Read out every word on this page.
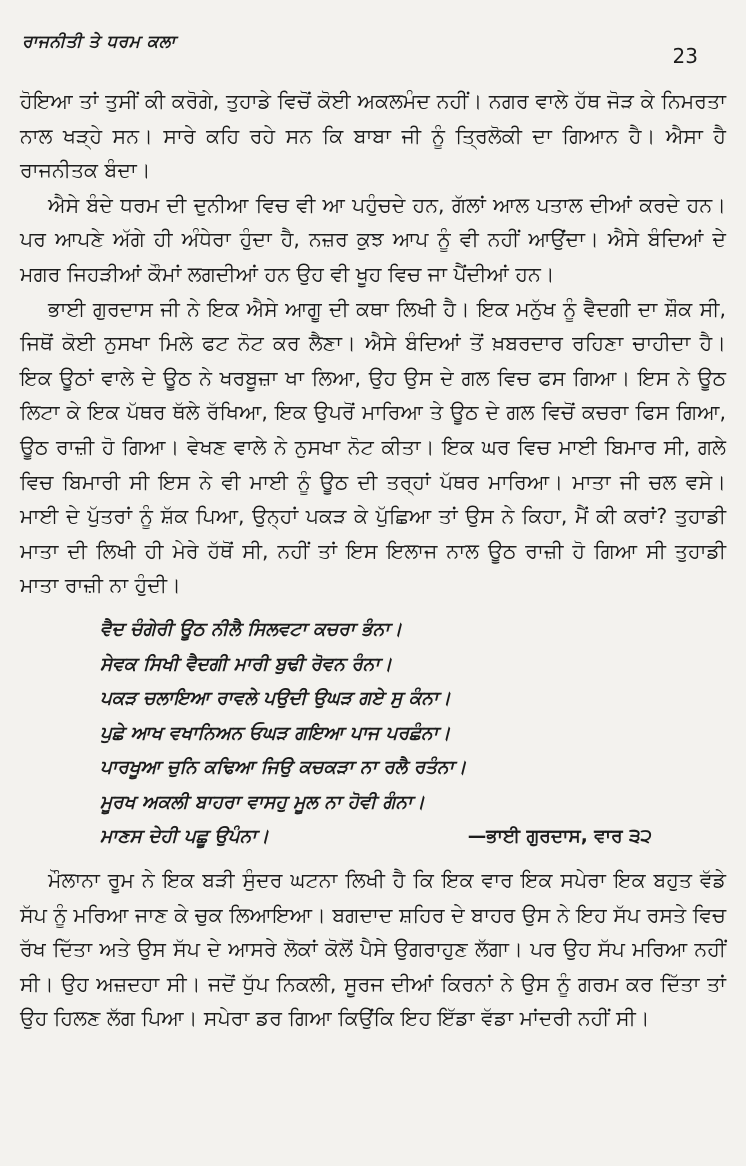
ਰਾਜਨੀਤੀ ਤੇ ਧਰਮ ਕਲਾ
23

ਹੋਇਆ ਤਾਂ ਤੁਸੀਂ ਕੀ ਕਰੋਗੇ, ਤੁਹਾਡੇ ਵਿਚੋਂ ਕੋਈ ਅਕਲਮੰਦ ਨਹੀਂ। ਨਗਰ ਵਾਲੇ ਹੱਥ ਜੋੜ ਕੇ ਨਿਮਰਤਾ ਨਾਲ ਖੜ੍ਹੇ ਸਨ। ਸਾਰੇ ਕਹਿ ਰਹੇ ਸਨ ਕਿ ਬਾਬਾ ਜੀ ਨੂੰ ਤ੍ਰਿਲੋਕੀ ਦਾ ਗਿਆਨ ਹੈ। ਐਸਾ ਹੈ ਰਾਜਨੀਤਕ ਬੰਦਾ।

ਐਸੇ ਬੰਦੇ ਧਰਮ ਦੀ ਦੁਨੀਆ ਵਿਚ ਵੀ ਆ ਪਹੁੰਚਦੇ ਹਨ, ਗੱਲਾਂ ਆਲ ਪਤਾਲ ਦੀਆਂ ਕਰਦੇ ਹਨ। ਪਰ ਆਪਣੇ ਅੱਗੇ ਹੀ ਅੰਧੇਰਾ ਹੁੰਦਾ ਹੈ, ਨਜ਼ਰ ਕੁਝ ਆਪ ਨੂੰ ਵੀ ਨਹੀਂ ਆਉਂਦਾ। ਐਸੇ ਬੰਦਿਆਂ ਦੇ ਮਗਰ ਜਿਹੜੀਆਂ ਕੌਮਾਂ ਲਗਦੀਆਂ ਹਨ ਉਹ ਵੀ ਖੂਹ ਵਿਚ ਜਾ ਪੈਂਦੀਆਂ ਹਨ।

ਭਾਈ ਗੁਰਦਾਸ ਜੀ ਨੇ ਇਕ ਐਸੇ ਆਗੂ ਦੀ ਕਥਾ ਲਿਖੀ ਹੈ। ਇਕ ਮਨੁੱਖ ਨੂੰ ਵੈਦਗੀ ਦਾ ਸ਼ੌਕ ਸੀ, ਜਿਥੋਂ ਕੋਈ ਨੁਸਖਾ ਮਿਲੇ ਫਟ ਨੋਟ ਕਰ ਲੈਣਾ। ਐਸੇ ਬੰਦਿਆਂ ਤੋਂ ਖ਼ਬਰਦਾਰ ਰਹਿਣਾ ਚਾਹੀਦਾ ਹੈ। ਇਕ ਊਠਾਂ ਵਾਲੇ ਦੇ ਊਠ ਨੇ ਖਰਬੂਜ਼ਾ ਖਾ ਲਿਆ, ਉਹ ਉਸ ਦੇ ਗਲ ਵਿਚ ਫਸ ਗਿਆ। ਇਸ ਨੇ ਊਠ ਲਿਟਾ ਕੇ ਇਕ ਪੱਥਰ ਥੱਲੇ ਰੱਖਿਆ, ਇਕ ਉਪਰੋਂ ਮਾਰਿਆ ਤੇ ਊਠ ਦੇ ਗਲ ਵਿਚੋਂ ਕਚਰਾ ਫਿਸ ਗਿਆ, ਊਠ ਰਾਜ਼ੀ ਹੋ ਗਿਆ। ਵੇਖਣ ਵਾਲੇ ਨੇ ਨੁਸਖਾ ਨੋਟ ਕੀਤਾ। ਇਕ ਘਰ ਵਿਚ ਮਾਈ ਬਿਮਾਰ ਸੀ, ਗਲੇ ਵਿਚ ਬਿਮਾਰੀ ਸੀ ਇਸ ਨੇ ਵੀ ਮਾਈ ਨੂੰ ਊਠ ਦੀ ਤਰ੍ਹਾਂ ਪੱਥਰ ਮਾਰਿਆ। ਮਾਤਾ ਜੀ ਚਲ ਵਸੇ। ਮਾਈ ਦੇ ਪੁੱਤਰਾਂ ਨੂੰ ਸ਼ੱਕ ਪਿਆ, ਉਨ੍ਹਾਂ ਪਕੜ ਕੇ ਪੁੱਛਿਆ ਤਾਂ ਉਸ ਨੇ ਕਿਹਾ, ਮੈਂ ਕੀ ਕਰਾਂ? ਤੁਹਾਡੀ ਮਾਤਾ ਦੀ ਲਿਖੀ ਹੀ ਮੇਰੇ ਹੱਥੋਂ ਸੀ, ਨਹੀਂ ਤਾਂ ਇਸ ਇਲਾਜ ਨਾਲ ਊਠ ਰਾਜ਼ੀ ਹੋ ਗਿਆ ਸੀ ਤੁਹਾਡੀ ਮਾਤਾ ਰਾਜ਼ੀ ਨਾ ਹੁੰਦੀ।

ਵੈਦ ਚੰਗੇਰੀ ਊਠ ਨੀਲੈ ਸਿਲਵਟਾ ਕਚਰਾ ਭੰਨਾ।
ਸੇਵਕ ਸਿਖੀ ਵੈਦਗੀ ਮਾਰੀ ਬੁਢੀ ਰੋਵਨ ਰੰਨਾ।
ਪਕੜ ਚਲਾਇਆ ਰਾਵਲੇ ਪਉਦੀ ਉਘੜ ਗਏ ਸੁ ਕੰਨਾ।
ਪੁਛੇ ਆਖ ਵਖਾਨਿਅਨ ਓਘੜ ਗਇਆ ਪਾਜ ਪਰਛੰਨਾ।
ਪਾਰਖੂਆ ਚੁਨਿ ਕਢਿਆ ਜਿਉ ਕਚਕੜਾ ਨਾ ਰਲੈ ਰਤੰਨਾ।
ਮੂਰਖ ਅਕਲੀ ਬਾਹਰਾ ਵਾਸਹੁ ਮੂਲ ਨਾ ਹੋਵੀ ਗੰਨਾ।
ਮਾਣਸ ਦੇਹੀ ਪਛੂ ਉਪੰਨਾ।	—ਭਾਈ ਗੁਰਦਾਸ, ਵਾਰ ੩੨

ਮੌਲਾਨਾ ਰੂਮ ਨੇ ਇਕ ਬੜੀ ਸੁੰਦਰ ਘਟਨਾ ਲਿਖੀ ਹੈ ਕਿ ਇਕ ਵਾਰ ਇਕ ਸਪੇਰਾ ਇਕ ਬਹੁਤ ਵੱਡੇ ਸੱਪ ਨੂੰ ਮਰਿਆ ਜਾਣ ਕੇ ਚੁਕ ਲਿਆਇਆ। ਬਗਦਾਦ ਸ਼ਹਿਰ ਦੇ ਬਾਹਰ ਉਸ ਨੇ ਇਹ ਸੱਪ ਰਸਤੇ ਵਿਚ ਰੱਖ ਦਿੱਤਾ ਅਤੇ ਉਸ ਸੱਪ ਦੇ ਆਸਰੇ ਲੋਕਾਂ ਕੋਲੋਂ ਪੈਸੇ ਉਗਰਾਹੁਣ ਲੱਗਾ। ਪਰ ਉਹ ਸੱਪ ਮਰਿਆ ਨਹੀਂ ਸੀ। ਉਹ ਅਜ਼ਦਹਾ ਸੀ। ਜਦੋਂ ਧੁੱਪ ਨਿਕਲੀ, ਸੂਰਜ ਦੀਆਂ ਕਿਰਨਾਂ ਨੇ ਉਸ ਨੂੰ ਗਰਮ ਕਰ ਦਿੱਤਾ ਤਾਂ ਉਹ ਹਿਲਣ ਲੱਗ ਪਿਆ। ਸਪੇਰਾ ਡਰ ਗਿਆ ਕਿਉਂਕਿ ਇਹ ਇੱਡਾ ਵੱਡਾ ਮਾਂਦਰੀ ਨਹੀਂ ਸੀ।
